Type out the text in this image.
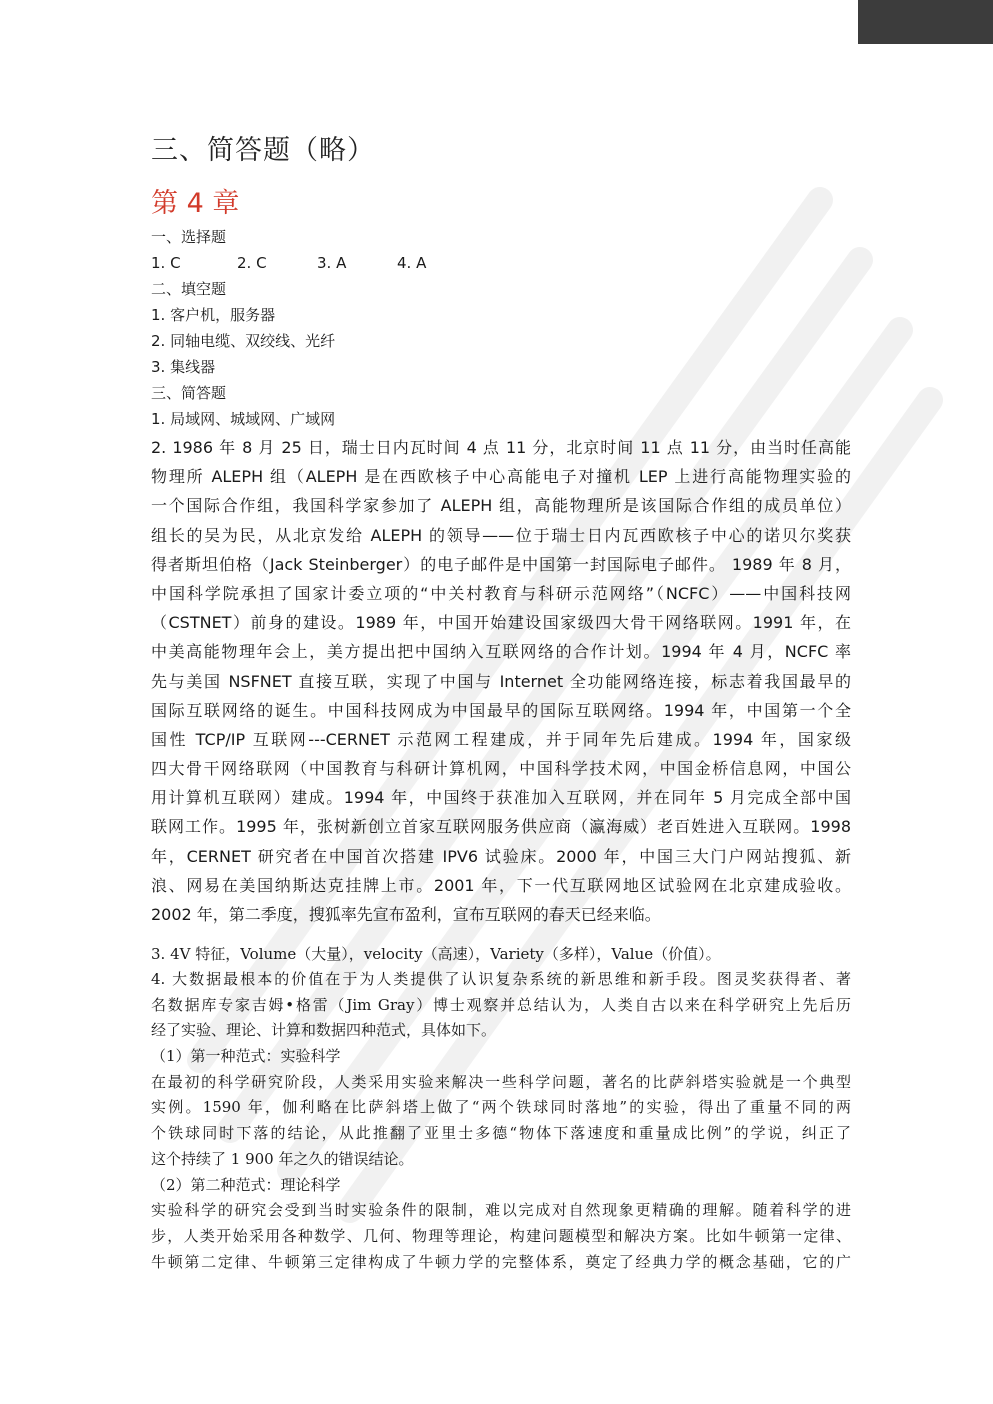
三、简答题（略）
第 4 章
一、选择题
1. C	2. C	3. A	4. A
二、填空题
1. 客户机，服务器
2. 同轴电缆、双绞线、光纤
3. 集线器
三、简答题
1. 局域网、城域网、广域网
2. 1986 年 8 月 25 日，瑞士日内瓦时间 4 点 11 分，北京时间 11 点 11 分，由当时任高能
物理所 ALEPH 组（ALEPH 是在西欧核子中心高能电子对撞机 LEP 上进行高能物理实验的
一个国际合作组，我国科学家参加了 ALEPH 组，高能物理所是该国际合作组的成员单位）
组长的吴为民，从北京发给 ALEPH 的领导——位于瑞士日内瓦西欧核子中心的诺贝尔奖获
得者斯坦伯格（Jack Steinberger）的电子邮件是中国第一封国际电子邮件。 1989 年 8 月，
中国科学院承担了国家计委立项的“中关村教育与科研示范网络”（NCFC）——中国科技网
（CSTNET）前身的建设。1989 年，中国开始建设国家级四大骨干网络联网。1991 年，在
中美高能物理年会上，美方提出把中国纳入互联网络的合作计划。1994 年 4 月，NCFC 率
先与美国 NSFNET 直接互联，实现了中国与 Internet 全功能网络连接，标志着我国最早的
国际互联网络的诞生。中国科技网成为中国最早的国际互联网络。1994 年，中国第一个全
国性 TCP/IP 互联网---CERNET 示范网工程建成，并于同年先后建成。1994 年，国家级
四大骨干网络联网（中国教育与科研计算机网，中国科学技术网，中国金桥信息网，中国公
用计算机互联网）建成。1994 年，中国终于获准加入互联网，并在同年 5 月完成全部中国
联网工作。1995 年，张树新创立首家互联网服务供应商（瀛海威）老百姓进入互联网。1998
年，CERNET 研究者在中国首次搭建 IPV6 试验床。2000 年，中国三大门户网站搜狐、新
浪、网易在美国纳斯达克挂牌上市。2001 年，下一代互联网地区试验网在北京建成验收。
2002 年，第二季度，搜狐率先宣布盈利，宣布互联网的春天已经来临。
3. 4V 特征，Volume（大量），velocity（高速），Variety（多样），Value（价值）。
4. 大数据最根本的价值在于为人类提供了认识复杂系统的新思维和新手段。图灵奖获得者、著
名数据库专家吉姆•格雷（Jim Gray）博士观察并总结认为，人类自古以来在科学研究上先后历
经了实验、理论、计算和数据四种范式，具体如下。
（1）第一种范式：实验科学
在最初的科学研究阶段，人类采用实验来解决一些科学问题，著名的比萨斜塔实验就是一个典型
实例。1590 年，伽利略在比萨斜塔上做了“两个铁球同时落地”的实验，得出了重量不同的两
个铁球同时下落的结论，从此推翻了亚里士多德“物体下落速度和重量成比例”的学说，纠正了
这个持续了 1 900 年之久的错误结论。
（2）第二种范式：理论科学
实验科学的研究会受到当时实验条件的限制，难以完成对自然现象更精确的理解。随着科学的进
步，人类开始采用各种数学、几何、物理等理论，构建问题模型和解决方案。比如牛顿第一定律、
牛顿第二定律、牛顿第三定律构成了牛顿力学的完整体系，奠定了经典力学的概念基础，它的广
